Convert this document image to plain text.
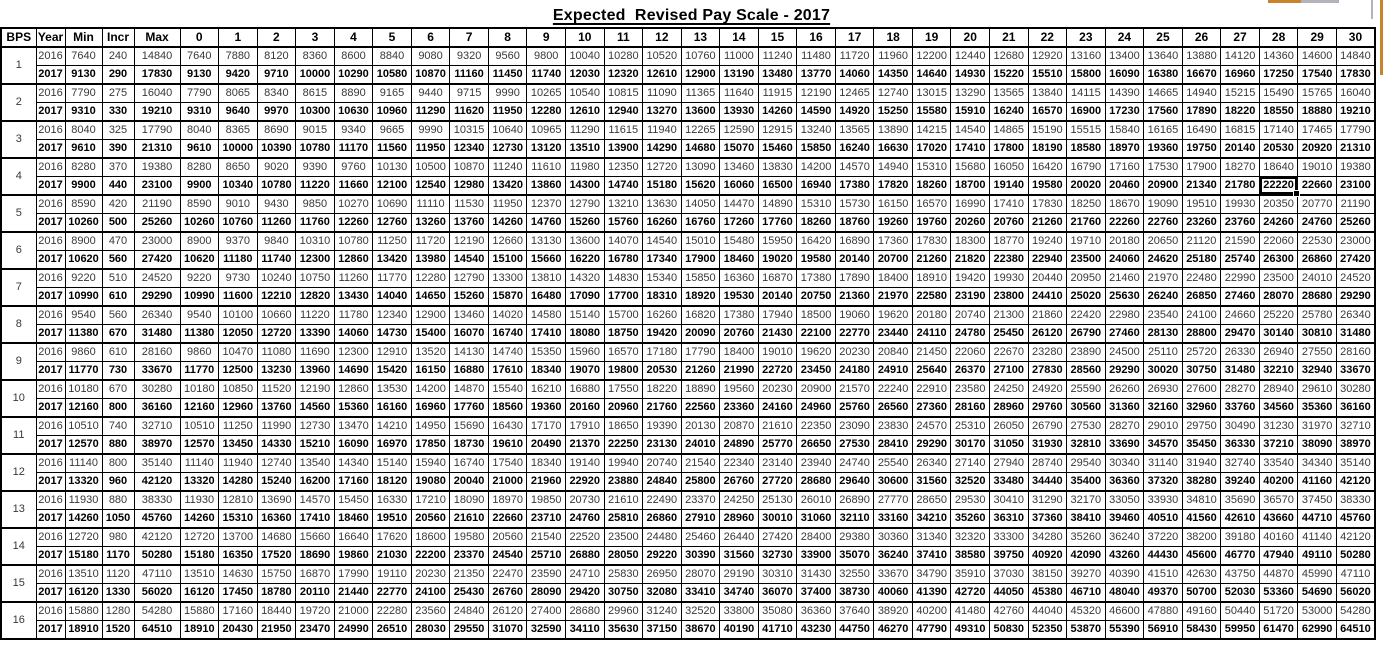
Expected  Revised Pay Scale - 2017
BPS	Year	Min	Incr	Max	0	1	2	3	4	5	6	7	8	9	10	11	12	13	14	15	16	17	18	19	20	21	22	23	24	25	26	27	28	29	30
1	2016	7640	240	14840	7640	7880	8120	8360	8600	8840	9080	9320	9560	9800	10040	10280	10520	10760	11000	11240	11480	11720	11960	12200	12440	12680	12920	13160	13400	13640	13880	14120	14360	14600	14840
	2017	9130	290	17830	9130	9420	9710	10000	10290	10580	10870	11160	11450	11740	12030	12320	12610	12900	13190	13480	13770	14060	14350	14640	14930	15220	15510	15800	16090	16380	16670	16960	17250	17540	17830
2	2016	7790	275	16040	7790	8065	8340	8615	8890	9165	9440	9715	9990	10265	10540	10815	11090	11365	11640	11915	12190	12465	12740	13015	13290	13565	13840	14115	14390	14665	14940	15215	15490	15765	16040
	2017	9310	330	19210	9310	9640	9970	10300	10630	10960	11290	11620	11950	12280	12610	12940	13270	13600	13930	14260	14590	14920	15250	15580	15910	16240	16570	16900	17230	17560	17890	18220	18550	18880	19210
3	2016	8040	325	17790	8040	8365	8690	9015	9340	9665	9990	10315	10640	10965	11290	11615	11940	12265	12590	12915	13240	13565	13890	14215	14540	14865	15190	15515	15840	16165	16490	16815	17140	17465	17790
	2017	9610	390	21310	9610	10000	10390	10780	11170	11560	11950	12340	12730	13120	13510	13900	14290	14680	15070	15460	15850	16240	16630	17020	17410	17800	18190	18580	18970	19360	19750	20140	20530	20920	21310
4	2016	8280	370	19380	8280	8650	9020	9390	9760	10130	10500	10870	11240	11610	11980	12350	12720	13090	13460	13830	14200	14570	14940	15310	15680	16050	16420	16790	17160	17530	17900	18270	18640	19010	19380
	2017	9900	440	23100	9900	10340	10780	11220	11660	12100	12540	12980	13420	13860	14300	14740	15180	15620	16060	16500	16940	17380	17820	18260	18700	19140	19580	20020	20460	20900	21340	21780	22220	22660	23100
5	2016	8590	420	21190	8590	9010	9430	9850	10270	10690	11110	11530	11950	12370	12790	13210	13630	14050	14470	14890	15310	15730	16150	16570	16990	17410	17830	18250	18670	19090	19510	19930	20350	20770	21190
	2017	10260	500	25260	10260	10760	11260	11760	12260	12760	13260	13760	14260	14760	15260	15760	16260	16760	17260	17760	18260	18760	19260	19760	20260	20760	21260	21760	22260	22760	23260	23760	24260	24760	25260
6	2016	8900	470	23000	8900	9370	9840	10310	10780	11250	11720	12190	12660	13130	13600	14070	14540	15010	15480	15950	16420	16890	17360	17830	18300	18770	19240	19710	20180	20650	21120	21590	22060	22530	23000
	2017	10620	560	27420	10620	11180	11740	12300	12860	13420	13980	14540	15100	15660	16220	16780	17340	17900	18460	19020	19580	20140	20700	21260	21820	22380	22940	23500	24060	24620	25180	25740	26300	26860	27420
7	2016	9220	510	24520	9220	9730	10240	10750	11260	11770	12280	12790	13300	13810	14320	14830	15340	15850	16360	16870	17380	17890	18400	18910	19420	19930	20440	20950	21460	21970	22480	22990	23500	24010	24520
	2017	10990	610	29290	10990	11600	12210	12820	13430	14040	14650	15260	15870	16480	17090	17700	18310	18920	19530	20140	20750	21360	21970	22580	23190	23800	24410	25020	25630	26240	26850	27460	28070	28680	29290
8	2016	9540	560	26340	9540	10100	10660	11220	11780	12340	12900	13460	14020	14580	15140	15700	16260	16820	17380	17940	18500	19060	19620	20180	20740	21300	21860	22420	22980	23540	24100	24660	25220	25780	26340
	2017	11380	670	31480	11380	12050	12720	13390	14060	14730	15400	16070	16740	17410	18080	18750	19420	20090	20760	21430	22100	22770	23440	24110	24780	25450	26120	26790	27460	28130	28800	29470	30140	30810	31480
9	2016	9860	610	28160	9860	10470	11080	11690	12300	12910	13520	14130	14740	15350	15960	16570	17180	17790	18400	19010	19620	20230	20840	21450	22060	22670	23280	23890	24500	25110	25720	26330	26940	27550	28160
	2017	11770	730	33670	11770	12500	13230	13960	14690	15420	16150	16880	17610	18340	19070	19800	20530	21260	21990	22720	23450	24180	24910	25640	26370	27100	27830	28560	29290	30020	30750	31480	32210	32940	33670
10	2016	10180	670	30280	10180	10850	11520	12190	12860	13530	14200	14870	15540	16210	16880	17550	18220	18890	19560	20230	20900	21570	22240	22910	23580	24250	24920	25590	26260	26930	27600	28270	28940	29610	30280
	2017	12160	800	36160	12160	12960	13760	14560	15360	16160	16960	17760	18560	19360	20160	20960	21760	22560	23360	24160	24960	25760	26560	27360	28160	28960	29760	30560	31360	32160	32960	33760	34560	35360	36160
11	2016	10510	740	32710	10510	11250	11990	12730	13470	14210	14950	15690	16430	17170	17910	18650	19390	20130	20870	21610	22350	23090	23830	24570	25310	26050	26790	27530	28270	29010	29750	30490	31230	31970	32710
	2017	12570	880	38970	12570	13450	14330	15210	16090	16970	17850	18730	19610	20490	21370	22250	23130	24010	24890	25770	26650	27530	28410	29290	30170	31050	31930	32810	33690	34570	35450	36330	37210	38090	38970
12	2016	11140	800	35140	11140	11940	12740	13540	14340	15140	15940	16740	17540	18340	19140	19940	20740	21540	22340	23140	23940	24740	25540	26340	27140	27940	28740	29540	30340	31140	31940	32740	33540	34340	35140
	2017	13320	960	42120	13320	14280	15240	16200	17160	18120	19080	20040	21000	21960	22920	23880	24840	25800	26760	27720	28680	29640	30600	31560	32520	33480	34440	35400	36360	37320	38280	39240	40200	41160	42120
13	2016	11930	880	38330	11930	12810	13690	14570	15450	16330	17210	18090	18970	19850	20730	21610	22490	23370	24250	25130	26010	26890	27770	28650	29530	30410	31290	32170	33050	33930	34810	35690	36570	37450	38330
	2017	14260	1050	45760	14260	15310	16360	17410	18460	19510	20560	21610	22660	23710	24760	25810	26860	27910	28960	30010	31060	32110	33160	34210	35260	36310	37360	38410	39460	40510	41560	42610	43660	44710	45760
14	2016	12720	980	42120	12720	13700	14680	15660	16640	17620	18600	19580	20560	21540	22520	23500	24480	25460	26440	27420	28400	29380	30360	31340	32320	33300	34280	35260	36240	37220	38200	39180	40160	41140	42120
	2017	15180	1170	50280	15180	16350	17520	18690	19860	21030	22200	23370	24540	25710	26880	28050	29220	30390	31560	32730	33900	35070	36240	37410	38580	39750	40920	42090	43260	44430	45600	46770	47940	49110	50280
15	2016	13510	1120	47110	13510	14630	15750	16870	17990	19110	20230	21350	22470	23590	24710	25830	26950	28070	29190	30310	31430	32550	33670	34790	35910	37030	38150	39270	40390	41510	42630	43750	44870	45990	47110
	2017	16120	1330	56020	16120	17450	18780	20110	21440	22770	24100	25430	26760	28090	29420	30750	32080	33410	34740	36070	37400	38730	40060	41390	42720	44050	45380	46710	48040	49370	50700	52030	53360	54690	56020
16	2016	15880	1280	54280	15880	17160	18440	19720	21000	22280	23560	24840	26120	27400	28680	29960	31240	32520	33800	35080	36360	37640	38920	40200	41480	42760	44040	45320	46600	47880	49160	50440	51720	53000	54280
	2017	18910	1520	64510	18910	20430	21950	23470	24990	26510	28030	29550	31070	32590	34110	35630	37150	38670	40190	41710	43230	44750	46270	47790	49310	50830	52350	53870	55390	56910	58430	59950	61470	62990	64510
